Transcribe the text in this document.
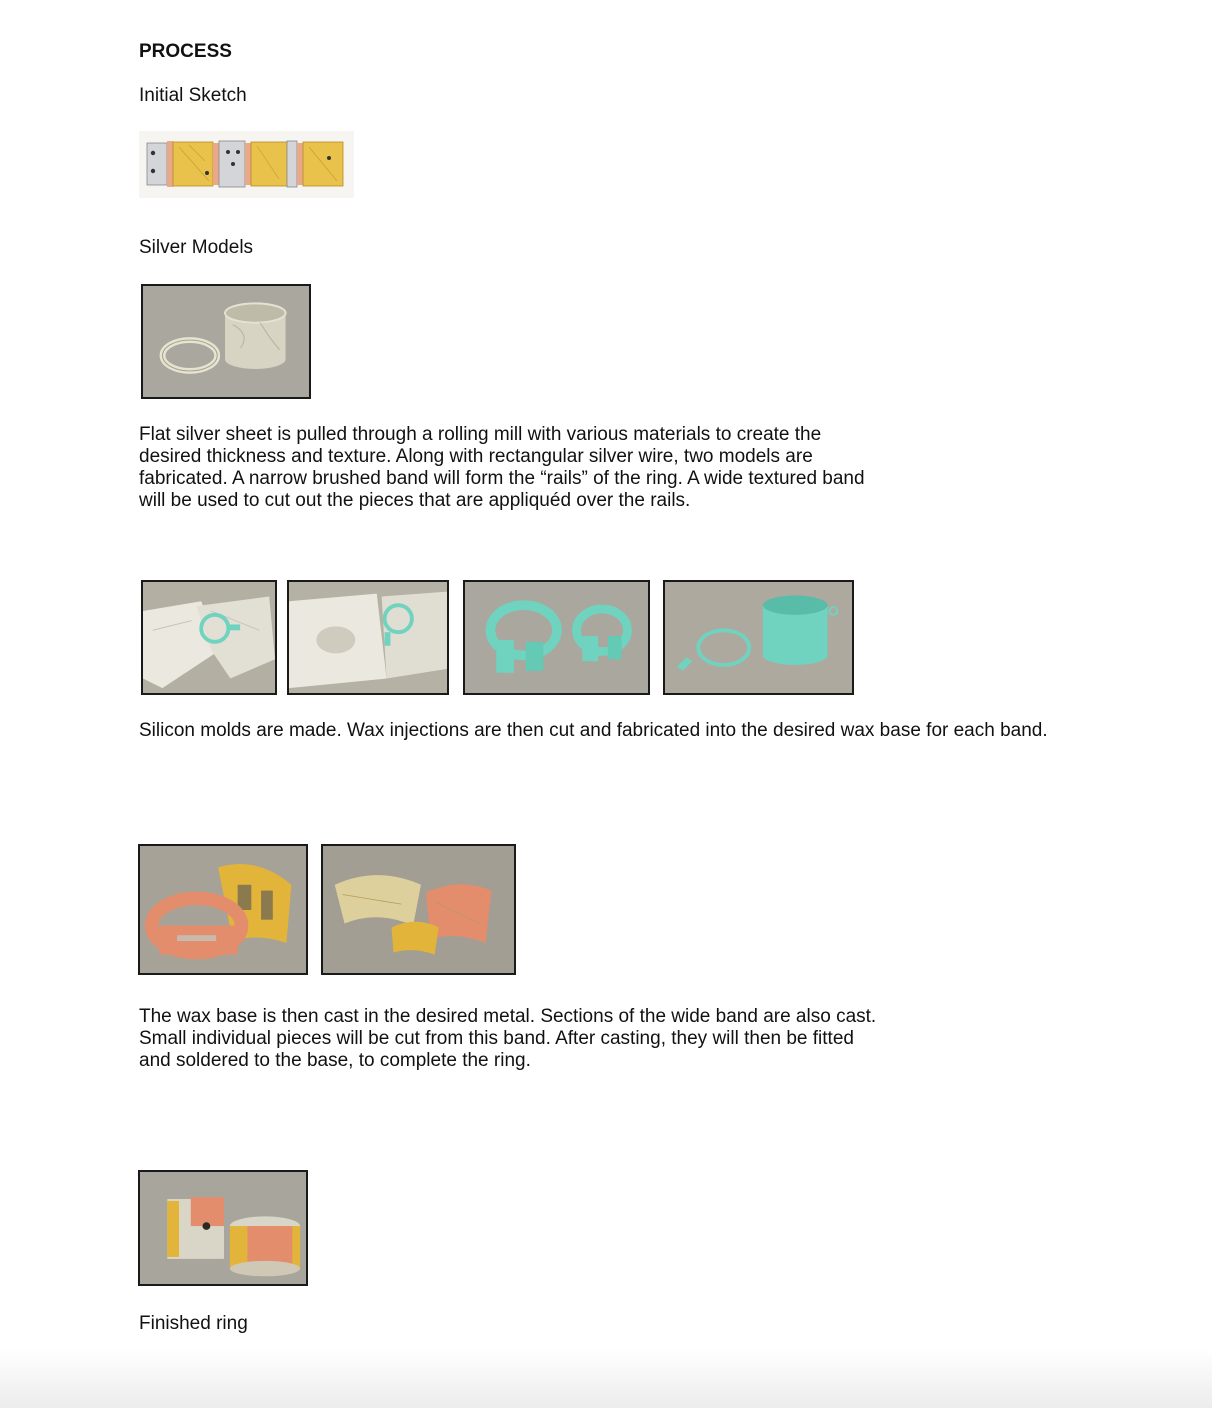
PROCESS
Initial Sketch
Silver Models

Flat silver sheet is pulled through a rolling mill with various materials to create the desired thickness and texture. Along with rectangular silver wire, two models are fabricated. A narrow brushed band will form the “rails” of the ring. A wide textured band will be used to cut out the pieces that are appliquéd over the rails.

Silicon molds are made. Wax injections are then cut and fabricated into the desired wax base for each band.

The wax base is then cast in the desired metal. Sections of the wide band are also cast. Small individual pieces will be cut from this band. After casting, they will then be fitted and soldered to the base, to complete the ring.

Finished ring
